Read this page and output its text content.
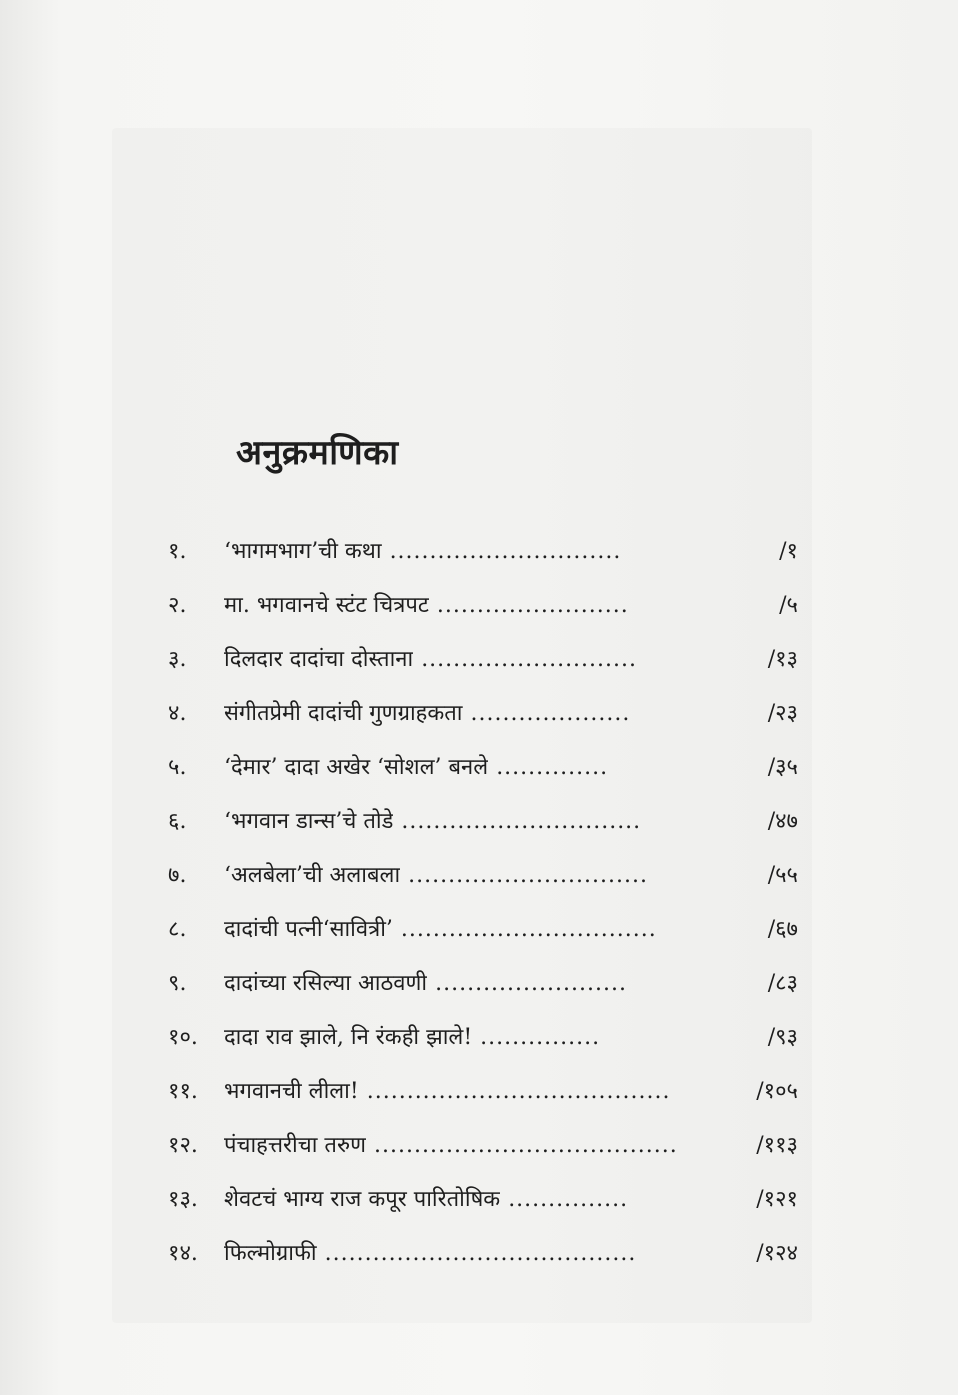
अनुक्रमणिका
१.	‘भागमभाग’ची कथा .............................	/१
२.	मा. भगवानचे स्टंट चित्रपट ........................	/५
३.	दिलदार दादांचा दोस्ताना ...........................	/१३
४.	संगीतप्रेमी दादांची गुणग्राहकता ....................	/२३
५.	‘देमार’ दादा अखेर ‘सोशल’ बनले ..............	/३५
६.	‘भगवान डान्स’चे तोडे ..............................	/४७
७.	‘अलबेला’ची अलाबला ..............................	/५५
८.	दादांची पत्नी‘सावित्री’ ................................	/६७
९.	दादांच्या रसिल्या आठवणी ........................	/८३
१०.	दादा राव झाले, नि रंकही झाले! ...............	/९३
११.	भगवानची लीला! ......................................	/१०५
१२.	पंचाहत्तरीचा तरुण ......................................	/११३
१३.	शेवटचं भाग्य राज कपूर पारितोषिक ...............	/१२१
१४.	फिल्मोग्राफी .......................................	/१२४
